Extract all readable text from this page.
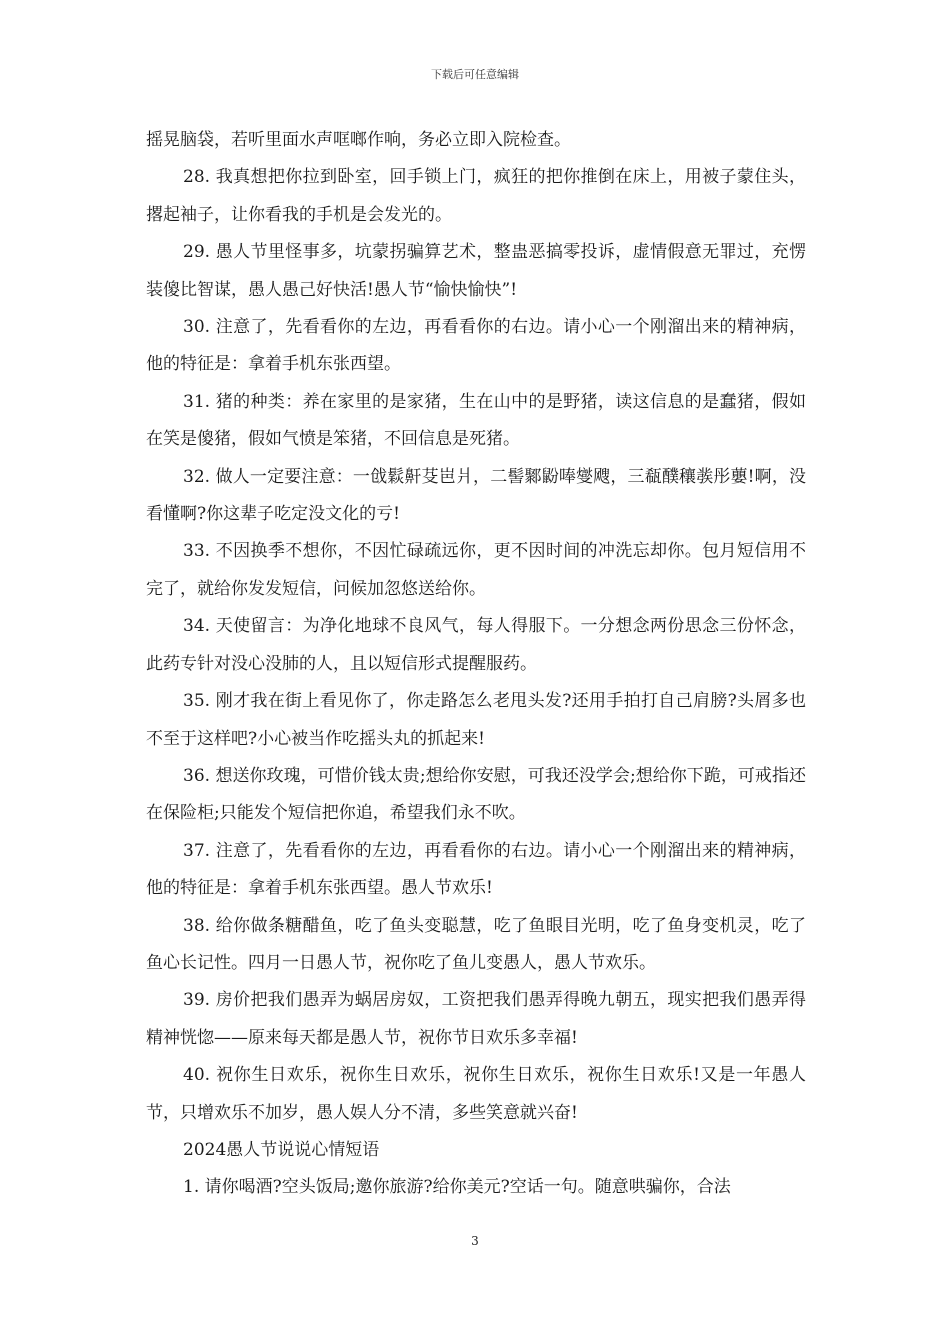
下载后可任意编辑

摇晃脑袋，若听里面水声哐啷作响，务必立即入院检查。

28. 我真想把你拉到卧室，回手锁上门，疯狂的把你推倒在床上，用被子蒙住头，撂起袖子，让你看我的手机是会发光的。

29. 愚人节里怪事多，坑蒙拐骗算艺术，整蛊恶搞零投诉，虚情假意无罪过，充愣装傻比智谋，愚人愚己好快活!愚人节“愉快愉快”!

30. 注意了，先看看你的左边，再看看你的右边。请小心一个刚溜出来的精神病，他的特征是：拿着手机东张西望。

31. 猪的种类：养在家里的是家猪，生在山中的是野猪，读这信息的是蠢猪，假如在笑是傻猪，假如气愤是笨猪，不回信息是死猪。

32. 做人一定要注意：一戗鬏鼾芟岜爿，二髻鄹鼢唪燮飕，三瓻醭穰彂彤蘡!啊，没看懂啊?你这辈子吃定没文化的亏!

33. 不因换季不想你，不因忙碌疏远你，更不因时间的冲洗忘却你。包月短信用不完了，就给你发发短信，问候加忽悠送给你。

34. 天使留言：为净化地球不良风气，每人得服下。一分想念两份思念三份怀念，此药专针对没心没肺的人，且以短信形式提醒服药。

35. 刚才我在街上看见你了，你走路怎么老甩头发?还用手拍打自己肩膀?头屑多也不至于这样吧?小心被当作吃摇头丸的抓起来!

36. 想送你玫瑰，可惜价钱太贵;想给你安慰，可我还没学会;想给你下跪，可戒指还在保险柜;只能发个短信把你追，希望我们永不吹。

37. 注意了，先看看你的左边，再看看你的右边。请小心一个刚溜出来的精神病，他的特征是：拿着手机东张西望。愚人节欢乐!

38. 给你做条糖醋鱼，吃了鱼头变聪慧，吃了鱼眼目光明，吃了鱼身变机灵，吃了鱼心长记性。四月一日愚人节，祝你吃了鱼儿变愚人，愚人节欢乐。

39. 房价把我们愚弄为蜗居房奴，工资把我们愚弄得晚九朝五，现实把我们愚弄得精神恍惚——原来每天都是愚人节，祝你节日欢乐多幸福!

40. 祝你生日欢乐，祝你生日欢乐，祝你生日欢乐，祝你生日欢乐!又是一年愚人节，只增欢乐不加岁，愚人娱人分不清，多些笑意就兴奋!

2024愚人节说说心情短语

1. 请你喝酒?空头饭局;邀你旅游?给你美元?空话一句。随意哄骗你，合法

3
